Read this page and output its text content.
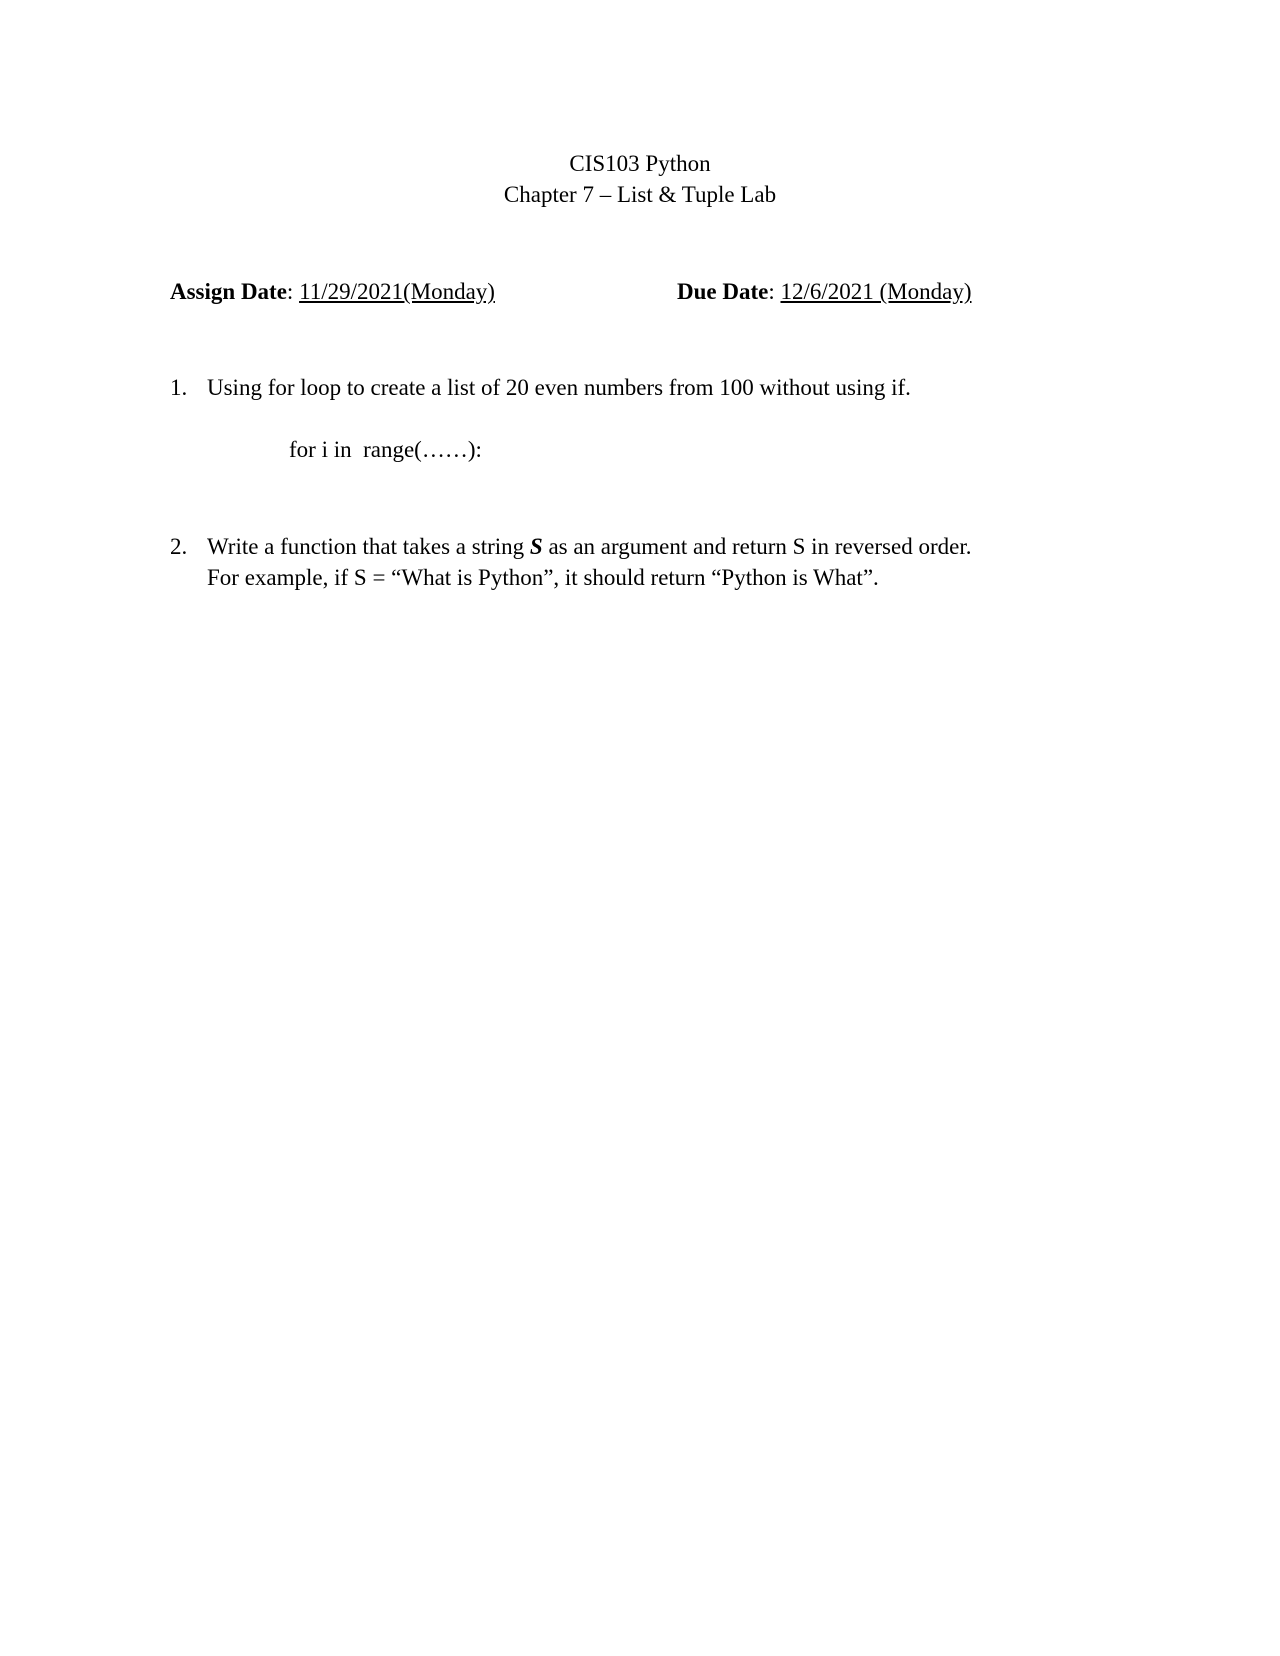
CIS103 Python
Chapter 7 – List & Tuple Lab
Assign Date: 11/29/2021(Monday)	Due Date: 12/6/2021 (Monday)
1. Using for loop to create a list of 20 even numbers from 100 without using if.
for i in  range(……):
2. Write a function that takes a string S as an argument and return S in reversed order.
For example, if S = “What is Python”, it should return “Python is What”.
